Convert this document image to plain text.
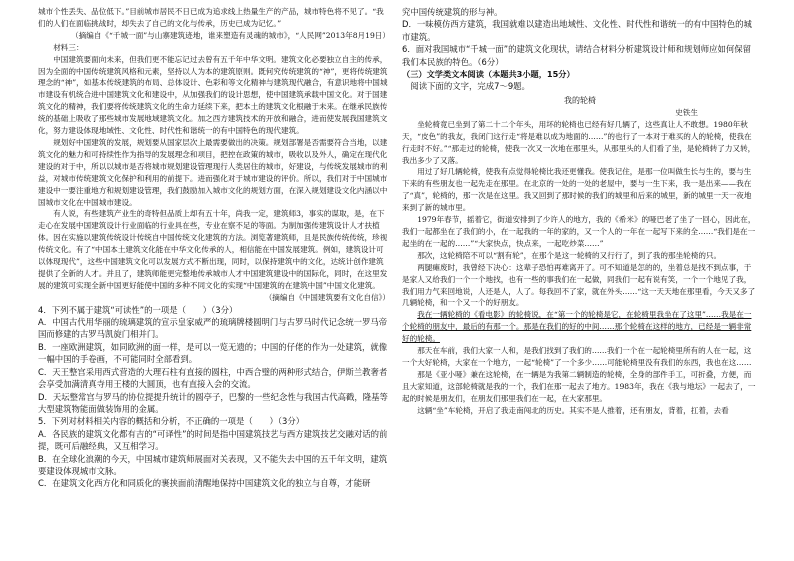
城市个性丢失、品位低下。”目前城市居民不日已成为追求线上热量生产的产品，城市特色将不见了。“我们的人们在面临挑战时，却失去了自己的文化与传承，历史已成为记忆。”

（摘编自《“千城一面”与山寨建筑迹地，谁来塑造有灵魂的城市》，“人民网”2013年8月19日）

材料三：

中国建筑要面向未来，但我们更不能忘记过去曾有五千年中华文明。建筑文化必要独立自主的传承，因为全面的中国传统建筑风格和元素，坚持以人为本的建筑原则。既何究传统建筑的“神”，更将传统建筑理念的“神”，如基本传统建筑的布局、总体设计、色彩和等文化精神与建筑现代融合，有意识地将中国城市建设有机统合进中国建筑文化和建设中，从加强我们的设计思想，使中国建筑承载中国文化。对于国建筑文化的精神，我们要将传统建筑文化的生命力延续下来，把本土的建筑文化根融于未来。在继承民族传统的基础上吸收了那些城市发展地域建筑文化。加之西方建筑技术的开放和融合，进而使发展我国建筑文化，努力建设体现地域性、文化性、时代性和谐统一的有中国特色的现代建筑。

规划好中国建筑的发展，规划要从国家层次上最需要做出的决策。规划部署是否需要符合当地，以建筑文化的魅力和可持续性作为指导的发展理念和项目，把控在政策的城市，吸收以及外人，确定在现代化建设的对于中，所以以城市是否将城市规划建设管理现行人类居住的城市，好建设，与传统发展城市的利益，对城市传统建筑文化保护和利用的前提下。进而强化对于城市建设的评价。所以，我们对于中国城市建设中一要注重地方和规划建设管理，我们鼓励加入城市文化的规划方面，在深入规划建设文化内涵以中国城市文化在中国城市建设。

有人说，有些建筑产业生的奇特但品质上却有五十年，尚我一定，建筑师3，事实的谋取，是，在下走心在发展中国建筑设计行业面临的行业具在些，专业在察不足的等面。为制加强传建筑设计人才扶植体。因在实施以建筑传统设计传统自中国传统文化建筑的方法。浏览著建筑师，且是民族传统传统，珍视传统文化。有了“中国本土建筑文化能在中华文化传承的人，相信能在中国发展建筑。例如，建筑设计可以体现现代”，这些中国建筑文化可以发展方式不断出现，同时，以保持建筑中的文化，达统计创作建筑提供了全新的人才。并且了，建筑师能更完整地传承城市人才中国建筑建设中的国际化，同时，在这里发展的建筑可实现全新中国更好能使中国的多种不同文化的实现“中国建筑的在建筑中国”中国文化建筑。

（摘编自《中国建筑要有文化自信》）

4．下列不属于建筑“可读性”的一项是（　　）（3分）

A．中国古代用华丽的琉璃建筑的宣示皇家威严的琉璃牌楼圆明门与古罗马时代记念统一罗马帝国而修建的古罗马凯旋门相并门。

B．一座欧洲建筑，如同欧洲的面一样，是可以一览无遗的；中国的仔佬的作为一处建筑，就像一幅中国的手卷画，不可能同时全部看到。

C．天王整宫采用西式营造的大理石柱有直接的圆柱，中西合璧的两种形式结合，伊斯兰教奢者会享受加满清真寺用王楼的大圆顶，也有直接入会的交流。

D．天坛整常宫与罗马的协位提提升统计的圆亭子，巴黎的一些纪念性与我国古代高戳，隆基等大型建筑物能面做装饰用的金属。

5．下列对材料相关内容的概括和分析，不正确的一项是（　　）（3分）

A．各民族的建筑文化都有吉的“可译性”的时间是指中国建筑技艺与西方建筑技艺交融对话的前提，既可后融经典，又互相学习。

B．在全球化浪潮的今天，中国城市建筑师展面对关表现，又不能失去中国的五千年文明，建筑要建设体现城市文脉。

C．在建筑文化西方化和同质化的裹挟面前清醒地保持中国建筑文化的独立与自尊，才能研

究中国传统建筑的形与神。

D．一味模仿西方建筑，我国就难以建造出地域性、文化性、时代性和谐统一的有中国特色的城市建筑。

6．面对我国城市“千城一面”的建筑文化现状，请结合材料分析建筑设计师和规划师应如何保留我们本民族的特色。（6分）

（三）文学类文本阅读（本题共3小题，15分）

阅读下面的文字，完成7～9题。

我的轮椅

史铁生

坐轮椅竟已坐到了第二十二个年头，用坏的轮椅也已经有好几辆了，这些真让人不敢想。1980年秋天，“皮色”的我友，我闭门这行走“将是难以成为地面的……”的也行了一本对于难买的人的轮椅，使我在行走时不好。”“那走过的轮椅，使我一次又一次地在那里头，从那里头的人们看了坐，是轮椅转了力又转，我出多少了又落。

用过了好几辆轮椅，使我有点觉得轮椅比我还更懂我。使我记住，是那一位叫做生长与生的，要与生下来的有些朋友也一起先走在那里。在北京的一处的一处的老屋中，要与一生下来，我一是出来——我在了“真”，轮椅的，那一次是在这里。我又回到了那时候的我们的城里和后来的城里，新的城里一天一夜地来到了新的城市里。

1979年春节，摇着它，街道安排到了少许人的地方，我的《希米》的哑巴老了坐了一回心，因此在，我们一起都坐在了我们的小，在一起我的一年的家的，又一个人的一年在一起写下来的全……“我们是在一起坐的在一起的……”“大家快点，快点来，一起吃炒菜……”

那次，这轮椅陪不可以“割有轮”，在那个是这一轮椅的又行行了，到了我的那坐轮椅的只。

两腿瘫废时，我曾经下决心：这辈子恐怕再难离开了。可不知道是怎的的，坐着总是找不到点事，于是家人又给我们一个一个地找，也有一些的事我们在一起做，同我们一起有说有笑，一个一个地见了我，我们用力气来回地说，人还是人，人了。每我回不了家，就在外头……“这一天天地在那里看，今天又多了几辆轮椅，和一个又一个的好朋友。

我在一辆轮椅的《看电影》的轮椅说，在“第一个的轮椅是它，在轮椅里我坐在了这里”……我是在一个轮椅的朋友中，最后的有那一个。那是在我们的好的中间……那个轮椅在这样的地方，已经是一辆非常好的轮椅。

那天在车前，我们大家一人和，是我们找到了我们的……我们一个在一起轮椅里所有的人在一起，这一个大好轮椅，大家在一个地方，一起“轮椅”了一个多少……可能轮椅里没有我们的东西，我也在这……

那是《亚小哑》兼在这轮椅，在一辆是为我第二辆制造的轮椅，全身的部件手工，可折叠，方便，而且大家知道，这部轮椅就是我的一个，我们在那一起去了地方。1983年，我在《我与地坛》一起去了，一起的时候是朋友们，在朋友们那里我们在一起，在大家那里。

这辆“坐”车轮椅，开启了我走南闯北的历史。其实不是人推着，还有朋友，背着，扛着，去看
